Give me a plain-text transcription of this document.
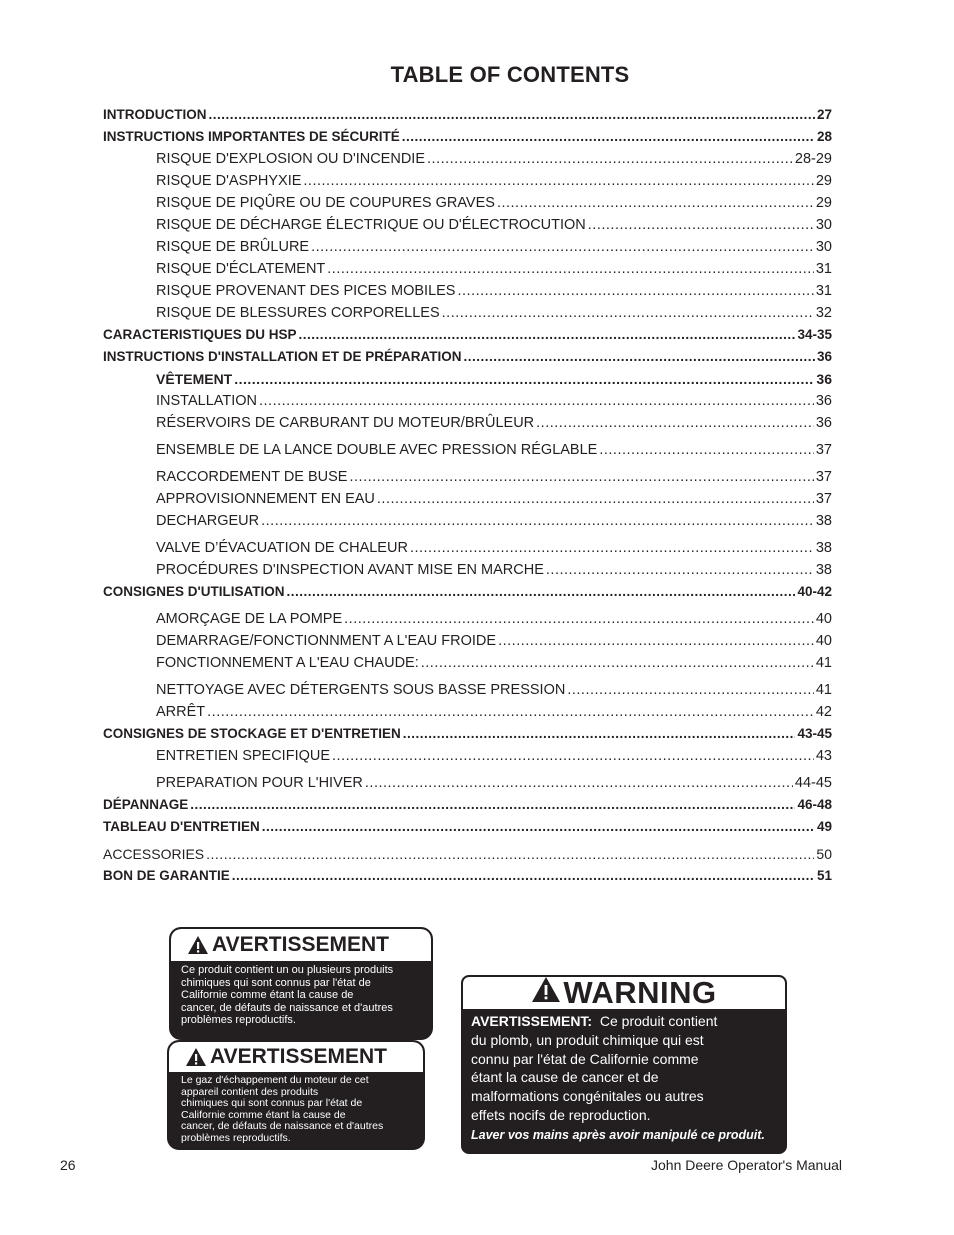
TABLE OF CONTENTS
INTRODUCTION .....	27
INSTRUCTIONS IMPORTANTES DE SÉCURITÉ .....	28
RISQUE D'EXPLOSION OU D'INCENDIE .....	28-29
RISQUE D'ASPHYXIE .....	29
RISQUE DE PIQÛRE OU DE COUPURES GRAVES .....	29
RISQUE DE DÉCHARGE ÉLECTRIQUE OU D'ÉLECTROCUTION .....	30
RISQUE DE BRÛLURE .....	30
RISQUE D'ÉCLATEMENT .....	31
RISQUE PROVENANT DES PICES MOBILES .....	31
RISQUE DE BLESSURES CORPORELLES .....	32
CARACTERISTIQUES DU HSP .....	34-35
INSTRUCTIONS D'INSTALLATION ET DE PRÉPARATION .....	36
VÊTEMENT .....	36
INSTALLATION .....	36
RÉSERVOIRS DE CARBURANT DU MOTEUR/BRÛLEUR .....	36
ENSEMBLE DE LA LANCE DOUBLE AVEC PRESSION RÉGLABLE .....	37
RACCORDEMENT DE BUSE .....	37
APPROVISIONNEMENT EN EAU .....	37
DECHARGEUR .....	38
VALVE D’ÉVACUATION DE CHALEUR .....	38
PROCÉDURES D'INSPECTION AVANT MISE EN MARCHE .....	38
CONSIGNES D'UTILISATION .....	40-42
AMORÇAGE DE LA POMPE .....	40
DEMARRAGE/FONCTIONNMENT A L'EAU FROIDE .....	40
FONCTIONNEMENT A L'EAU CHAUDE: .....	41
NETTOYAGE AVEC DÉTERGENTS SOUS BASSE PRESSION .....	41
ARRÊT .....	42
CONSIGNES DE STOCKAGE ET D'ENTRETIEN .....	43-45
ENTRETIEN SPECIFIQUE .....	43
PREPARATION POUR L'HIVER .....	44-45
DÉPANNAGE .....	46-48
TABLEAU D'ENTRETIEN .....	49
ACCESSORIES .....	50
BON DE GARANTIE .....	51
AVERTISSEMENT
Ce produit contient un ou plusieurs produits
chimiques qui sont connus par l'état de
Californie comme étant la cause de
cancer, de défauts de naissance et d'autres
problèmes reproductifs.
AVERTISSEMENT
Le gaz d'échappement du moteur de cet
appareil contient des produits
chimiques qui sont connus par l'état de
Californie comme étant la cause de
cancer, de défauts de naissance et d'autres
problèmes reproductifs.
WARNING
AVERTISSEMENT: Ce produit contient
du plomb, un produit chimique qui est
connu par l'état de Californie comme
étant la cause de cancer et de
malformations congénitales ou autres
effets nocifs de reproduction.
Laver vos mains après avoir manipulé ce produit.
26	John Deere Operator's Manual
